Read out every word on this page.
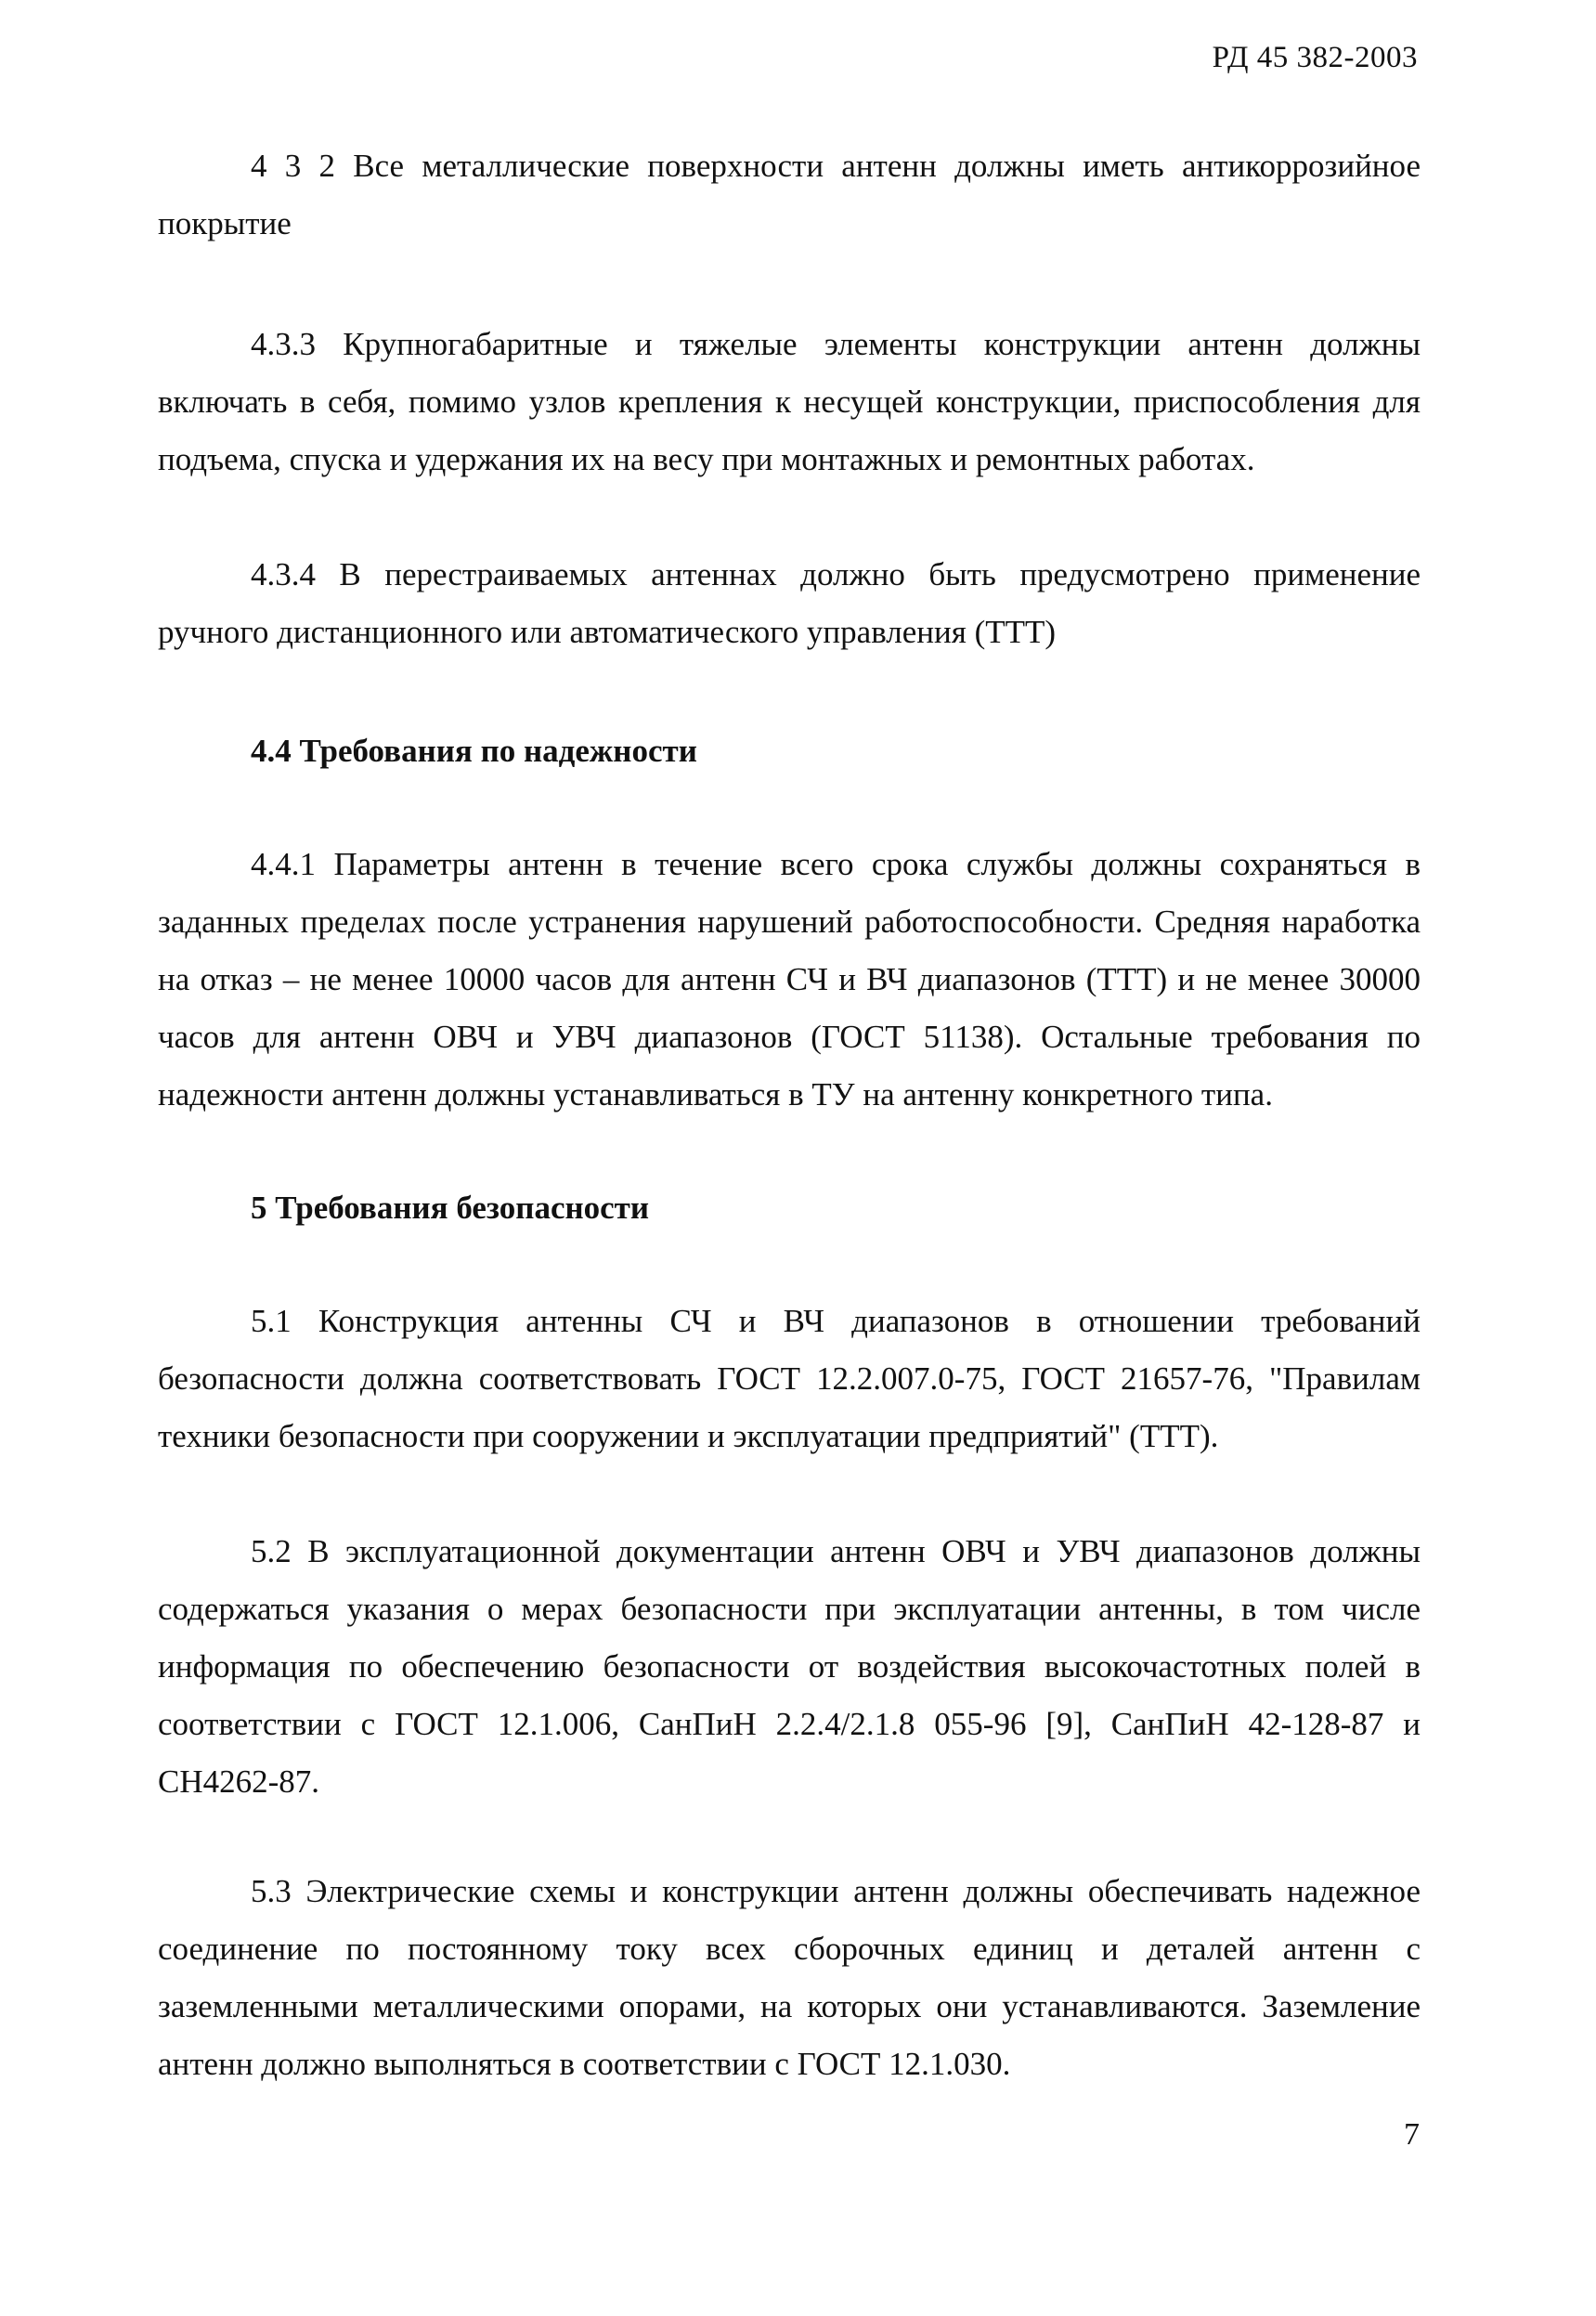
РД 45 382-2003

4 3 2 Все металлические поверхности антенн должны иметь антикоррозийное покрытие

4.3.3 Крупногабаритные и тяжелые элементы конструкции антенн должны включать в себя, помимо узлов крепления к несущей конструкции, приспособления для подъема, спуска и удержания их на весу при монтажных и ремонтных работах.

4.3.4 В перестраиваемых антеннах должно быть предусмотрено применение ручного дистанционного или автоматического управления (ТТТ)

4.4 Требования по надежности

4.4.1 Параметры антенн в течение всего срока службы должны сохраняться в заданных пределах после устранения нарушений работоспособности. Средняя наработка на отказ – не менее 10000 часов для антенн СЧ и ВЧ диапазонов (ТТТ) и не менее 30000 часов для антенн ОВЧ и УВЧ диапазонов (ГОСТ 51138). Остальные требования по надежности антенн должны устанавливаться в ТУ на антенну конкретного типа.

5 Требования безопасности

5.1 Конструкция антенны СЧ и ВЧ диапазонов в отношении требований безопасности должна соответствовать ГОСТ 12.2.007.0-75, ГОСТ 21657-76, "Правилам техники безопасности при сооружении и эксплуатации предприятий" (ТТТ).

5.2 В эксплуатационной документации антенн ОВЧ и УВЧ диапазонов должны содержаться указания о мерах безопасности при эксплуатации антенны, в том числе информация по обеспечению безопасности от воздействия высокочастотных полей в соответствии с ГОСТ 12.1.006, СанПиН 2.2.4/2.1.8 055-96 [9], СанПиН 42-128-87 и СН4262-87.

5.3 Электрические схемы и конструкции антенн должны обеспечивать надежное соединение по постоянному току всех сборочных единиц и деталей антенн с заземленными металлическими опорами, на которых они устанавливаются. Заземление антенн должно выполняться в соответствии с ГОСТ 12.1.030.

7
